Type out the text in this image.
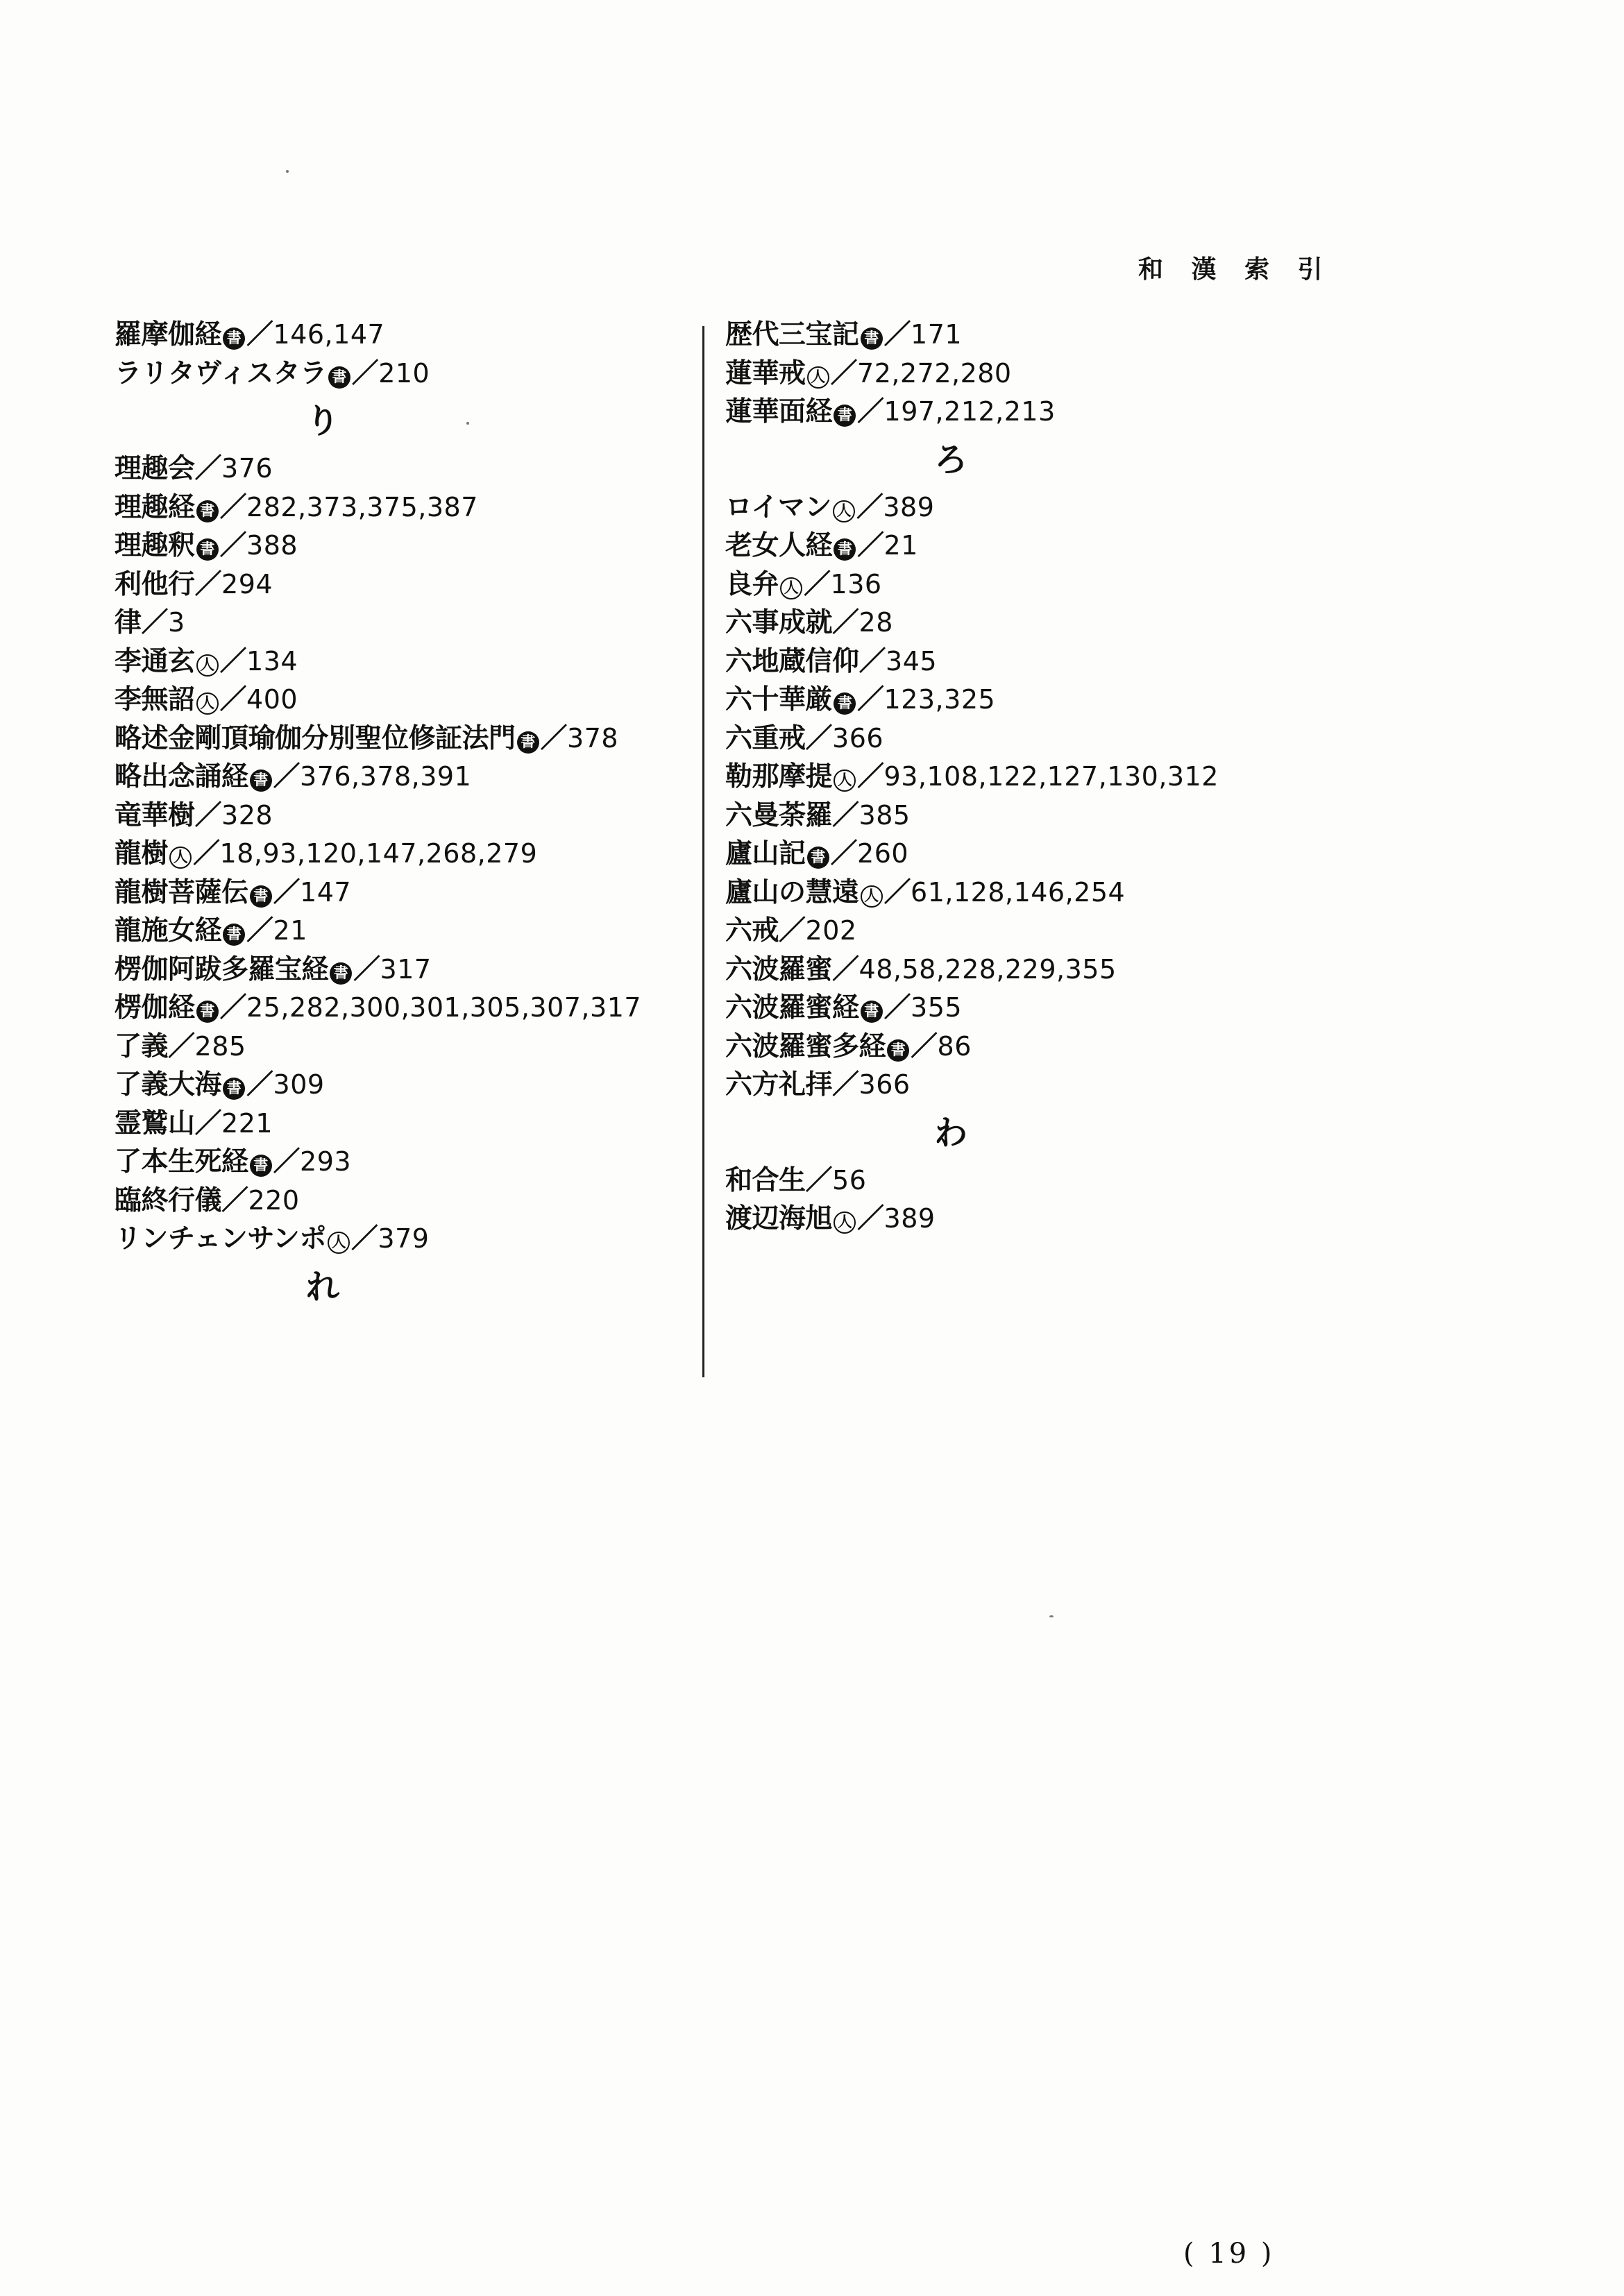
和 漢 索 引
羅摩伽経 書 ／146,147
ラリタヴィスタラ 書 ／210
り
理趣会／376
理趣経 書 ／282,373,375,387
理趣釈 書 ／388
利他行／294
律／3
李通玄 人 ／134
李無詔 人 ／400
略述金剛頂瑜伽分別聖位修証法門 書 ／378
略出念誦経 書 ／376,378,391
竜華樹／328
龍樹 人 ／18,93,120,147,268,279
龍樹菩薩伝 書 ／147
龍施女経 書 ／21
楞伽阿跋多羅宝経 書 ／317
楞伽経 書 ／25,282,300,301,305,307,317
了義／285
了義大海 書 ／309
霊鷲山／221
了本生死経 書 ／293
臨終行儀／220
リンチェンサンポ 人 ／379
れ
歴代三宝記 書 ／171
蓮華戒 人 ／72,272,280
蓮華面経 書 ／197,212,213
ろ
ロイマン 人 ／389
老女人経 書 ／21
良弁 人 ／136
六事成就／28
六地蔵信仰／345
六十華厳 書 ／123,325
六重戒／366
勒那摩提 人 ／93,108,122,127,130,312
六曼荼羅／385
廬山記 書 ／260
廬山の慧遠 人 ／61,128,146,254
六戒／202
六波羅蜜／48,58,228,229,355
六波羅蜜経 書 ／355
六波羅蜜多経 書 ／86
六方礼拝／366
わ
和合生／56
渡辺海旭 人 ／389
( 19 )
